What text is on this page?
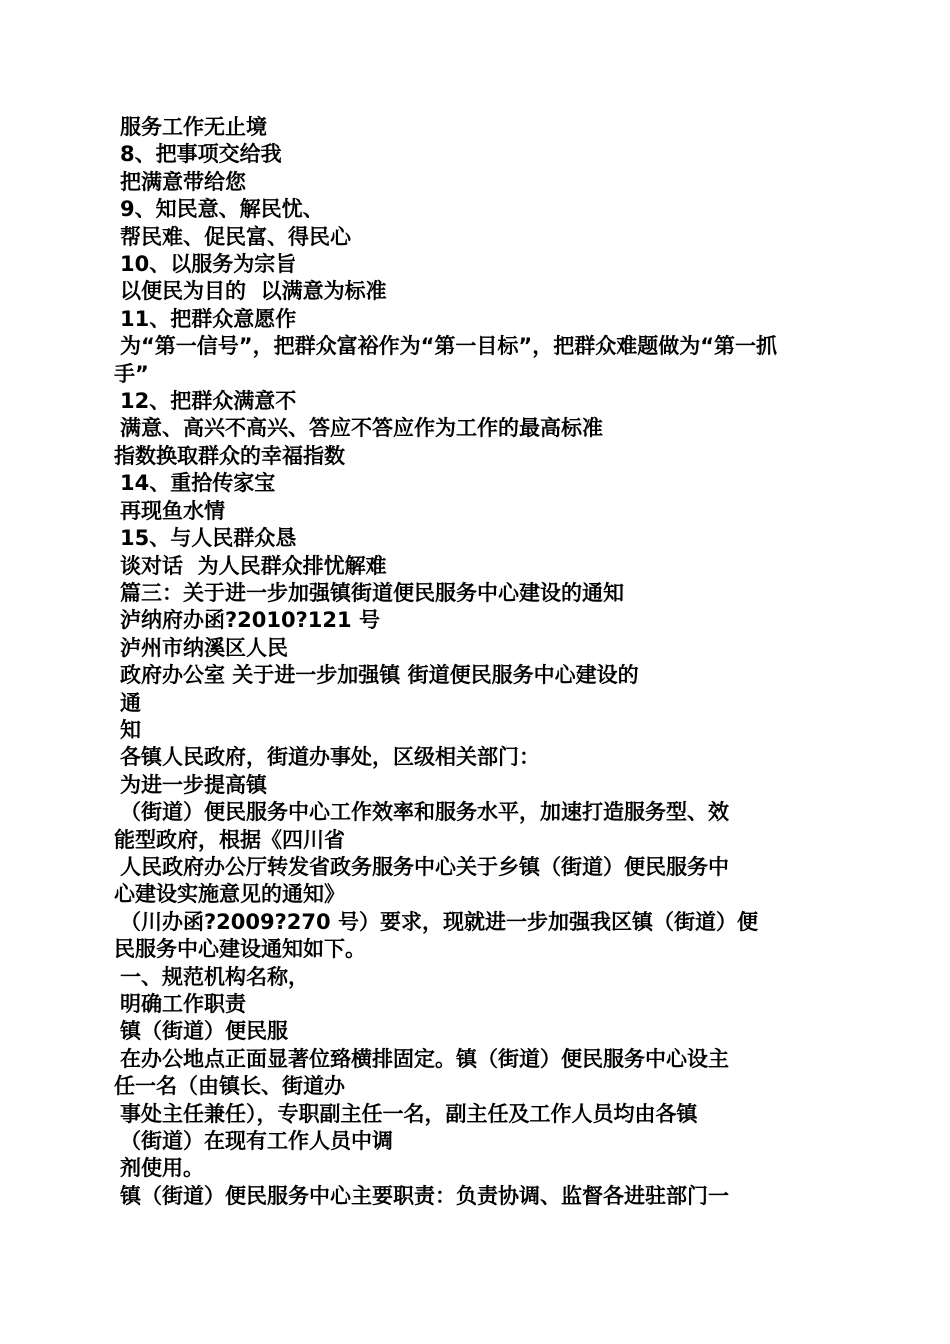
服务工作无止境
8、把事项交给我
把满意带给您
9、知民意、解民忧、
帮民难、促民富、得民心
10、以服务为宗旨
以便民为目的  以满意为标准
11、把群众意愿作
为“第一信号”，把群众富裕作为“第一目标”，把群众难题做为“第一抓
手”
12、把群众满意不
满意、高兴不高兴、答应不答应作为工作的最高标准
指数换取群众的幸福指数
14、重拾传家宝
再现鱼水情
15、与人民群众恳
谈对话  为人民群众排忧解难
篇三：关于进一步加强镇街道便民服务中心建设的通知
泸纳府办函?2010?121 号
泸州市纳溪区人民
政府办公室 关于进一步加强镇 街道便民服务中心建设的
通
知
各镇人民政府，街道办事处，区级相关部门：
为进一步提高镇
（街道）便民服务中心工作效率和服务水平，加速打造服务型、效
能型政府，根据《四川省
人民政府办公厅转发省政务服务中心关于乡镇（街道）便民服务中
心建设实施意见的通知》
（川办函?2009?270 号）要求，现就进一步加强我区镇（街道）便
民服务中心建设通知如下。
一、规范机构名称，
明确工作职责
镇（街道）便民服
在办公地点正面显著位臵横排固定。镇（街道）便民服务中心设主
任一名（由镇长、街道办
事处主任兼任），专职副主任一名，副主任及工作人员均由各镇
（街道）在现有工作人员中调
剂使用。
镇（街道）便民服务中心主要职责：负责协调、监督各进驻部门一
